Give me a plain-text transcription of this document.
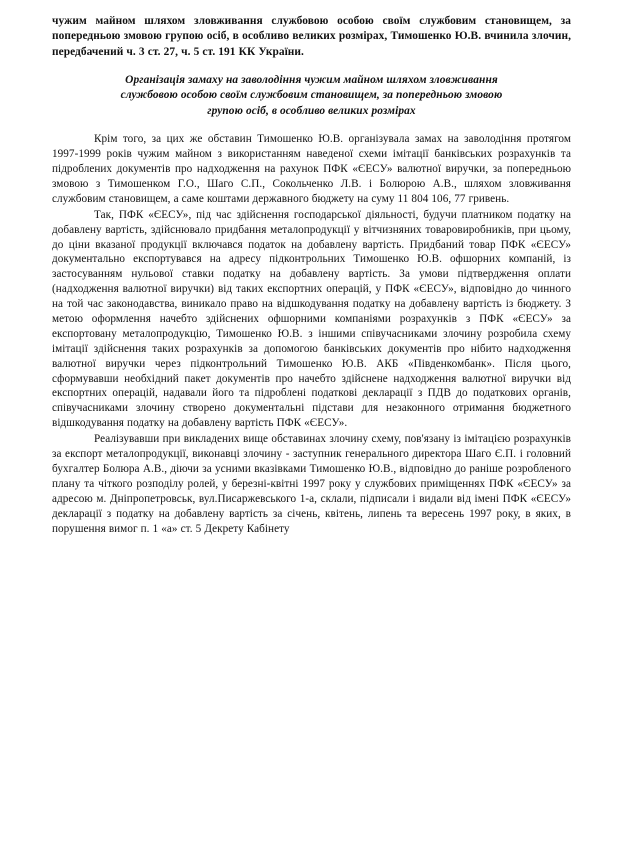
чужим майном шляхом зловживання службовою особою своїм службовим становищем, за попередньою змовою групою осіб, в особливо великих розмірах, Тимошенко Ю.В. вчинила злочин, передбачений ч. 3 ст. 27, ч. 5 ст. 191 КК України.

Організація замаху на заволодіння чужим майном шляхом зловживання
службовою особою своїм службовим становищем, за попередньою змовою
групою осіб, в особливо великих розмірах

Крім того, за цих же обставин Тимошенко Ю.В. організувала замах на заволодіння протягом 1997-1999 років чужим майном з використанням наведеної схеми імітації банківських розрахунків та підроблених документів про надходження на рахунок ПФК «ЄЕСУ» валютної виручки, за попередньою змовою з Тимошенком Г.О., Шаго С.П., Сокольченко Л.В. і Болюрою А.В., шляхом зловживання службовим становищем, а саме коштами державного бюджету на суму 11 804 106, 77 гривень.

Так, ПФК «ЄЕСУ», під час здійснення господарської діяльності, будучи платником податку на добавлену вартість, здійснювало придбання металопродукції у вітчизняних товаровиробників, при цьому, до ціни вказаної продукції включався податок на добавлену вартість. Придбаний товар ПФК «ЄЕСУ» документально експортувався на адресу підконтрольних Тимошенко Ю.В. офшорних компаній, із застосуванням нульової ставки податку на добавлену вартість. За умови підтвердження оплати (надходження валютної виручки) від таких експортних операцій, у ПФК «ЄЕСУ», відповідно до чинного на той час законодавства, виникало право на відшкодування податку на добавлену вартість із бюджету. З метою оформлення начебто здійснених офшорними компаніями розрахунків з ПФК «ЄЕСУ» за експортовану металопродукцію, Тимошенко Ю.В. з іншими співучасниками злочину розробила схему імітації здійснення таких розрахунків за допомогою банківських документів про нібито надходження валютної виручки через підконтрольний Тимошенко Ю.В. АКБ «Південкомбанк». Після цього, сформувавши необхідний пакет документів про начебто здійснене надходження валютної виручки від експортних операцій, надавали його та підроблені податкові декларації з ПДВ до податкових органів, співучасниками злочину створено документальні підстави для незаконного отримання бюджетного відшкодування податку на добавлену вартість ПФК «ЄЕСУ».

Реалізувавши при викладених вище обставинах злочину схему, пов'язану із імітацією розрахунків за експорт металопродукції, виконавці злочину - заступник генерального директора Шаго Є.П. і головний бухгалтер Болюра А.В., діючи за усними вказівками Тимошенко Ю.В., відповідно до раніше розробленого плану та чіткого розподілу ролей, у березні-квітні 1997 року у службових приміщеннях ПФК «ЄЕСУ» за адресою м. Дніпропетровськ, вул.Писаржевського 1-а, склали, підписали і видали від імені ПФК «ЄЕСУ» декларації з податку на добавлену вартість за січень, квітень, липень та вересень 1997 року, в яких, в порушення вимог п. 1 «а» ст. 5 Декрету Кабінету
